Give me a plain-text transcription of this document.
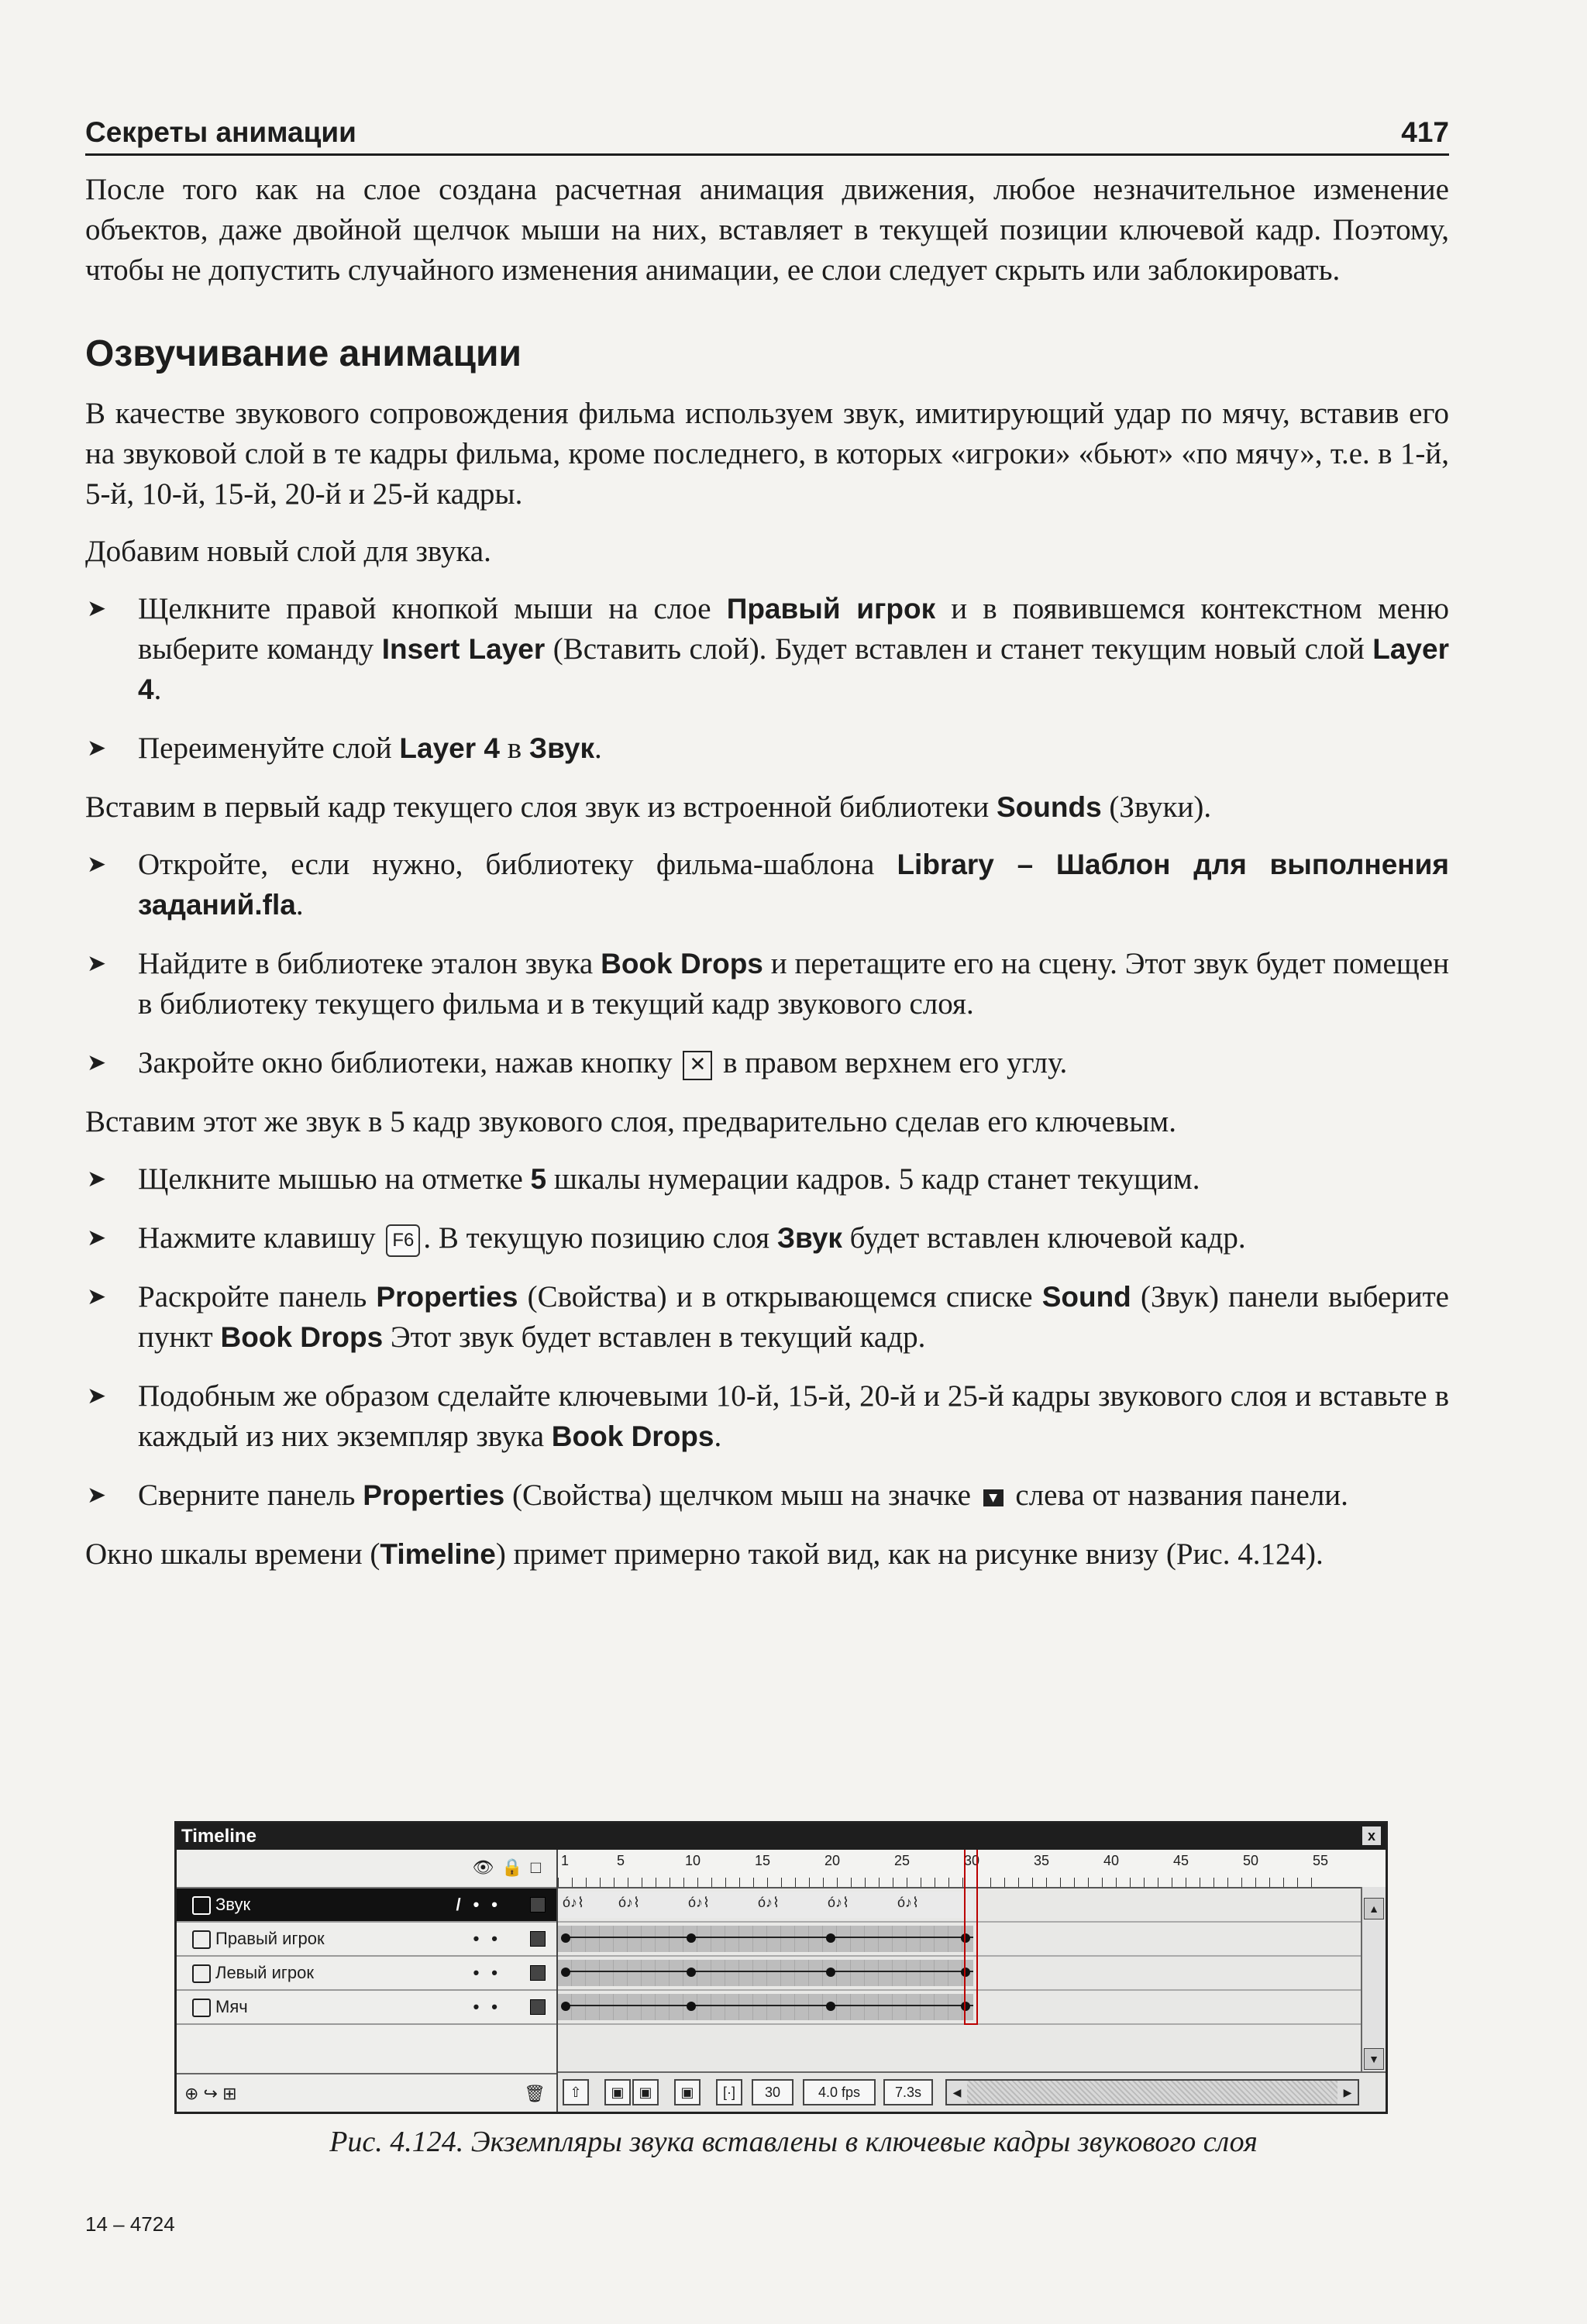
Секреты анимации	417

После того как на слое создана расчетная анимация движения, любое незначительное изменение объектов, даже двойной щелчок мыши на них, вставляет в текущей позиции ключевой кадр. Поэтому, чтобы не допустить случайного изменения анимации, ее слои следует скрыть или заблокировать.

Озвучивание анимации

В качестве звукового сопровождения фильма используем звук, имитирующий удар по мячу, вставив его на звуковой слой в те кадры фильма, кроме последнего, в которых «игроки» «бьют» «по мячу», т.е. в 1-й, 5-й, 10-й, 15-й, 20-й и 25-й кадры.

Добавим новый слой для звука.

➤ Щелкните правой кнопкой мыши на слое Правый игрок и в появившемся контекстном меню выберите команду Insert Layer (Вставить слой). Будет вставлен и станет текущим новый слой Layer 4.
➤ Переименуйте слой Layer 4 в Звук.

Вставим в первый кадр текущего слоя звук из встроенной библиотеки Sounds (Звуки).

➤ Откройте, если нужно, библиотеку фильма-шаблона Library – Шаблон для выполнения заданий.fla.
➤ Найдите в библиотеке эталон звука Book Drops и перетащите его на сцену. Этот звук будет помещен в библиотеку текущего фильма и в текущий кадр звукового слоя.
➤ Закройте окно библиотеки, нажав кнопку ✕ в правом верхнем его углу.

Вставим этот же звук в 5 кадр звукового слоя, предварительно сделав его ключевым.

➤ Щелкните мышью на отметке 5 шкалы нумерации кадров. 5 кадр станет текущим.
➤ Нажмите клавишу F6 . В текущую позицию слоя Звук будет вставлен ключевой кадр.
➤ Раскройте панель Properties (Свойства) и в открывающемся списке Sound (Звук) панели выберите пункт Book Drops Этот звук будет вставлен в текущий кадр.
➤ Подобным же образом сделайте ключевыми 10-й, 15-й, 20-й и 25-й кадры звукового слоя и вставьте в каждый из них экземпляр звука Book Drops.
➤ Сверните панель Properties (Свойства) щелчком мыш на значке ▼ слева от названия панели.

Окно шкалы времени (Timeline) примет примерно такой вид, как на рисунке внизу (Рис. 4.124).

Timeline	x
👁🔒□
Звук	/••
Правый игрок	••
Левый игрок	••
Мяч	••
⊕ ↪ ⊞	🗑
1	5	10	15	20	25	30	35	40	45	50	55
ó♪⌇ ó♪⌇	ó♪⌇	ó♪⌇	ó♪⌇	ó♪⌇	▲
▼
⇧	▣	▣	▣	[·]	30	4.0 fps	7.3s	◀	▶
Рис. 4.124. Экземпляры звука вставлены в ключевые кадры звукового слоя
14 – 4724
